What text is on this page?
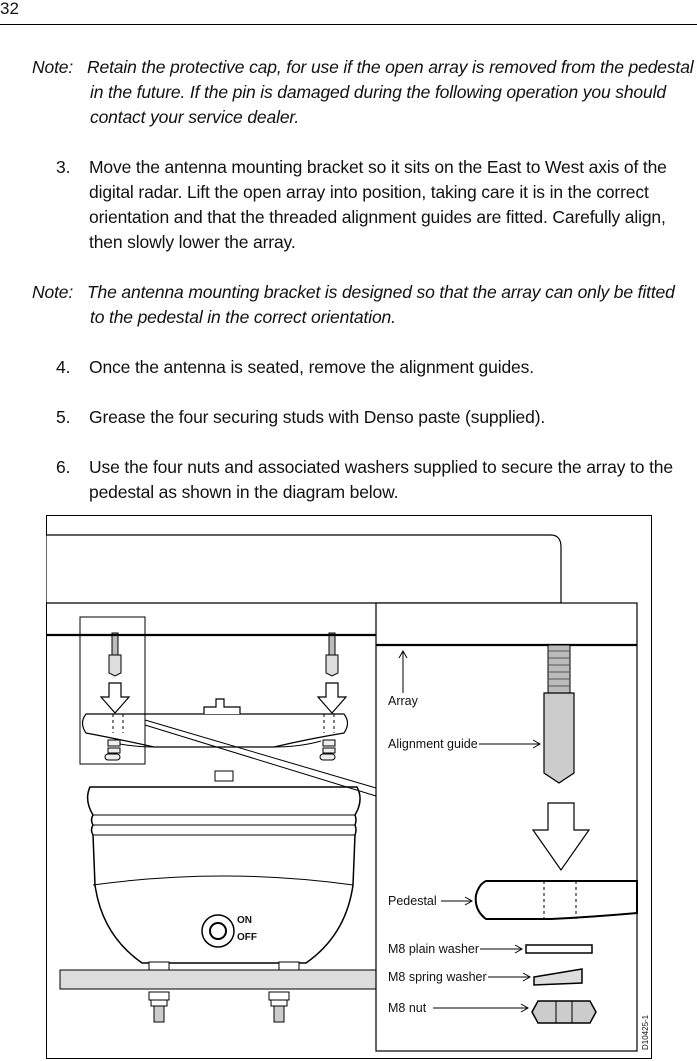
32
Note: Retain the protective cap, for use if the open array is removed from the pedestal in the future. If the pin is damaged during the following operation you should contact your service dealer.
3. Move the antenna mounting bracket so it sits on the East to West axis of the digital radar. Lift the open array into position, taking care it is in the correct orientation and that the threaded alignment guides are fitted. Carefully align, then slowly lower the array.
Note: The antenna mounting bracket is designed so that the array can only be fitted to the pedestal in the correct orientation.
4. Once the antenna is seated, remove the alignment guides.
5. Grease the four securing studs with Denso paste (supplied).
6. Use the four nuts and associated washers supplied to secure the array to the pedestal as shown in the diagram below.
ON
OFF
Array
Alignment guide
Pedestal
M8 plain washer
M8 spring washer
M8 nut
D10425-1
